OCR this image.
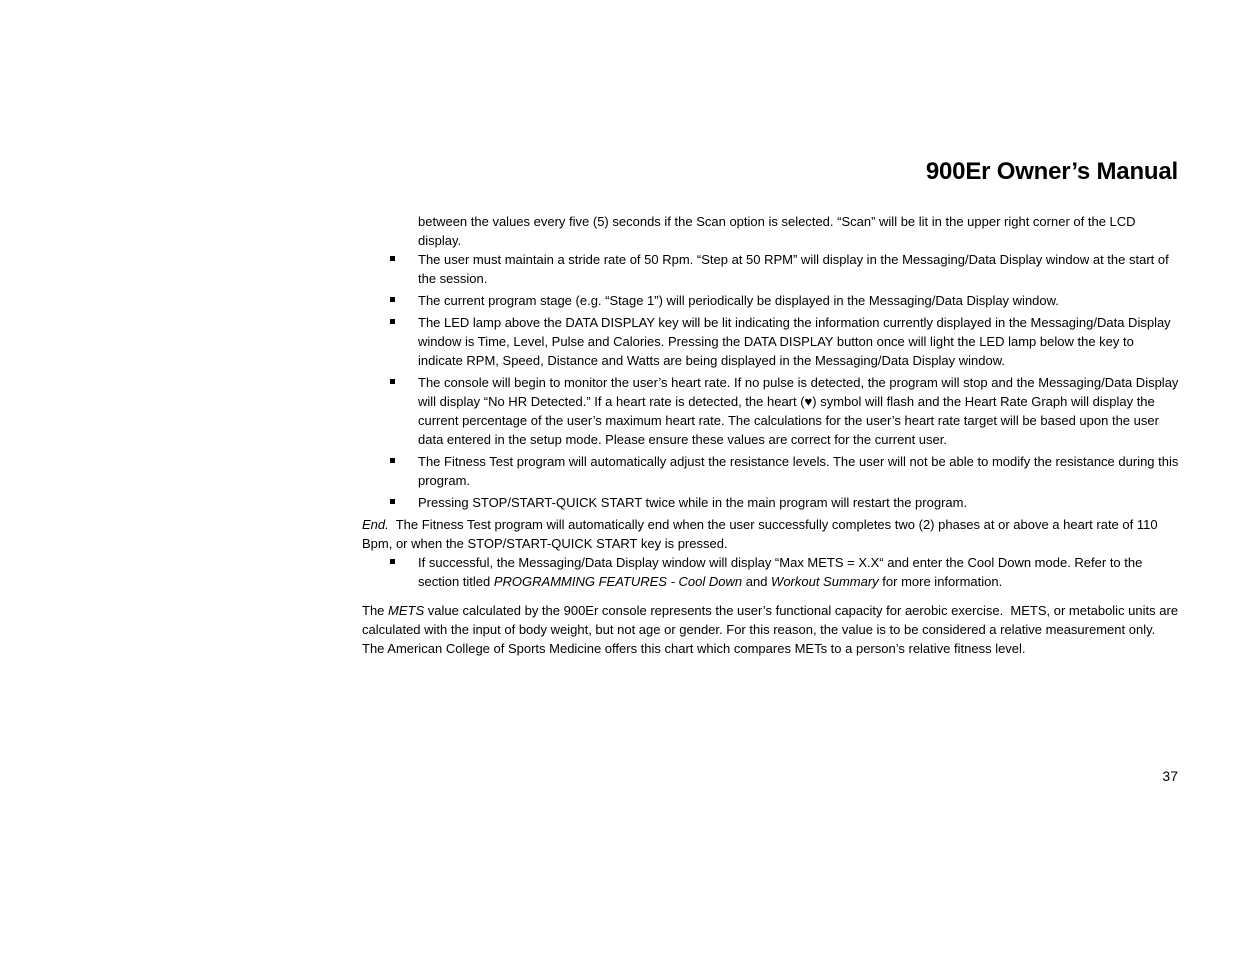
900Er Owner’s Manual

between the values every five (5) seconds if the Scan option is selected. “Scan” will be lit in the upper right corner of the LCD display.

The user must maintain a stride rate of 50 Rpm. “Step at 50 RPM” will display in the Messaging/Data Display window at the start of the session.
The current program stage (e.g. “Stage 1”) will periodically be displayed in the Messaging/Data Display window.
The LED lamp above the DATA DISPLAY key will be lit indicating the information currently displayed in the Messaging/Data Display window is Time, Level, Pulse and Calories. Pressing the DATA DISPLAY button once will light the LED lamp below the key to indicate RPM, Speed, Distance and Watts are being displayed in the Messaging/Data Display window.
The console will begin to monitor the user’s heart rate. If no pulse is detected, the program will stop and the Messaging/Data Display will display “No HR Detected.” If a heart rate is detected, the heart (♥) symbol will flash and the Heart Rate Graph will display the current percentage of the user’s maximum heart rate. The calculations for the user’s heart rate target will be based upon the user data entered in the setup mode. Please ensure these values are correct for the current user.
The Fitness Test program will automatically adjust the resistance levels. The user will not be able to modify the resistance during this program.
Pressing STOP/START-QUICK START twice while in the main program will restart the program.

End.  The Fitness Test program will automatically end when the user successfully completes two (2) phases at or above a heart rate of 110 Bpm, or when the STOP/START-QUICK START key is pressed.

If successful, the Messaging/Data Display window will display “Max METS = X.X“ and enter the Cool Down mode. Refer to the section titled PROGRAMMING FEATURES - Cool Down and Workout Summary for more information.

The METS value calculated by the 900Er console represents the user’s functional capacity for aerobic exercise.  METS, or metabolic units are calculated with the input of body weight, but not age or gender. For this reason, the value is to be considered a relative measurement only. The American College of Sports Medicine offers this chart which compares METs to a person’s relative fitness level.

37
